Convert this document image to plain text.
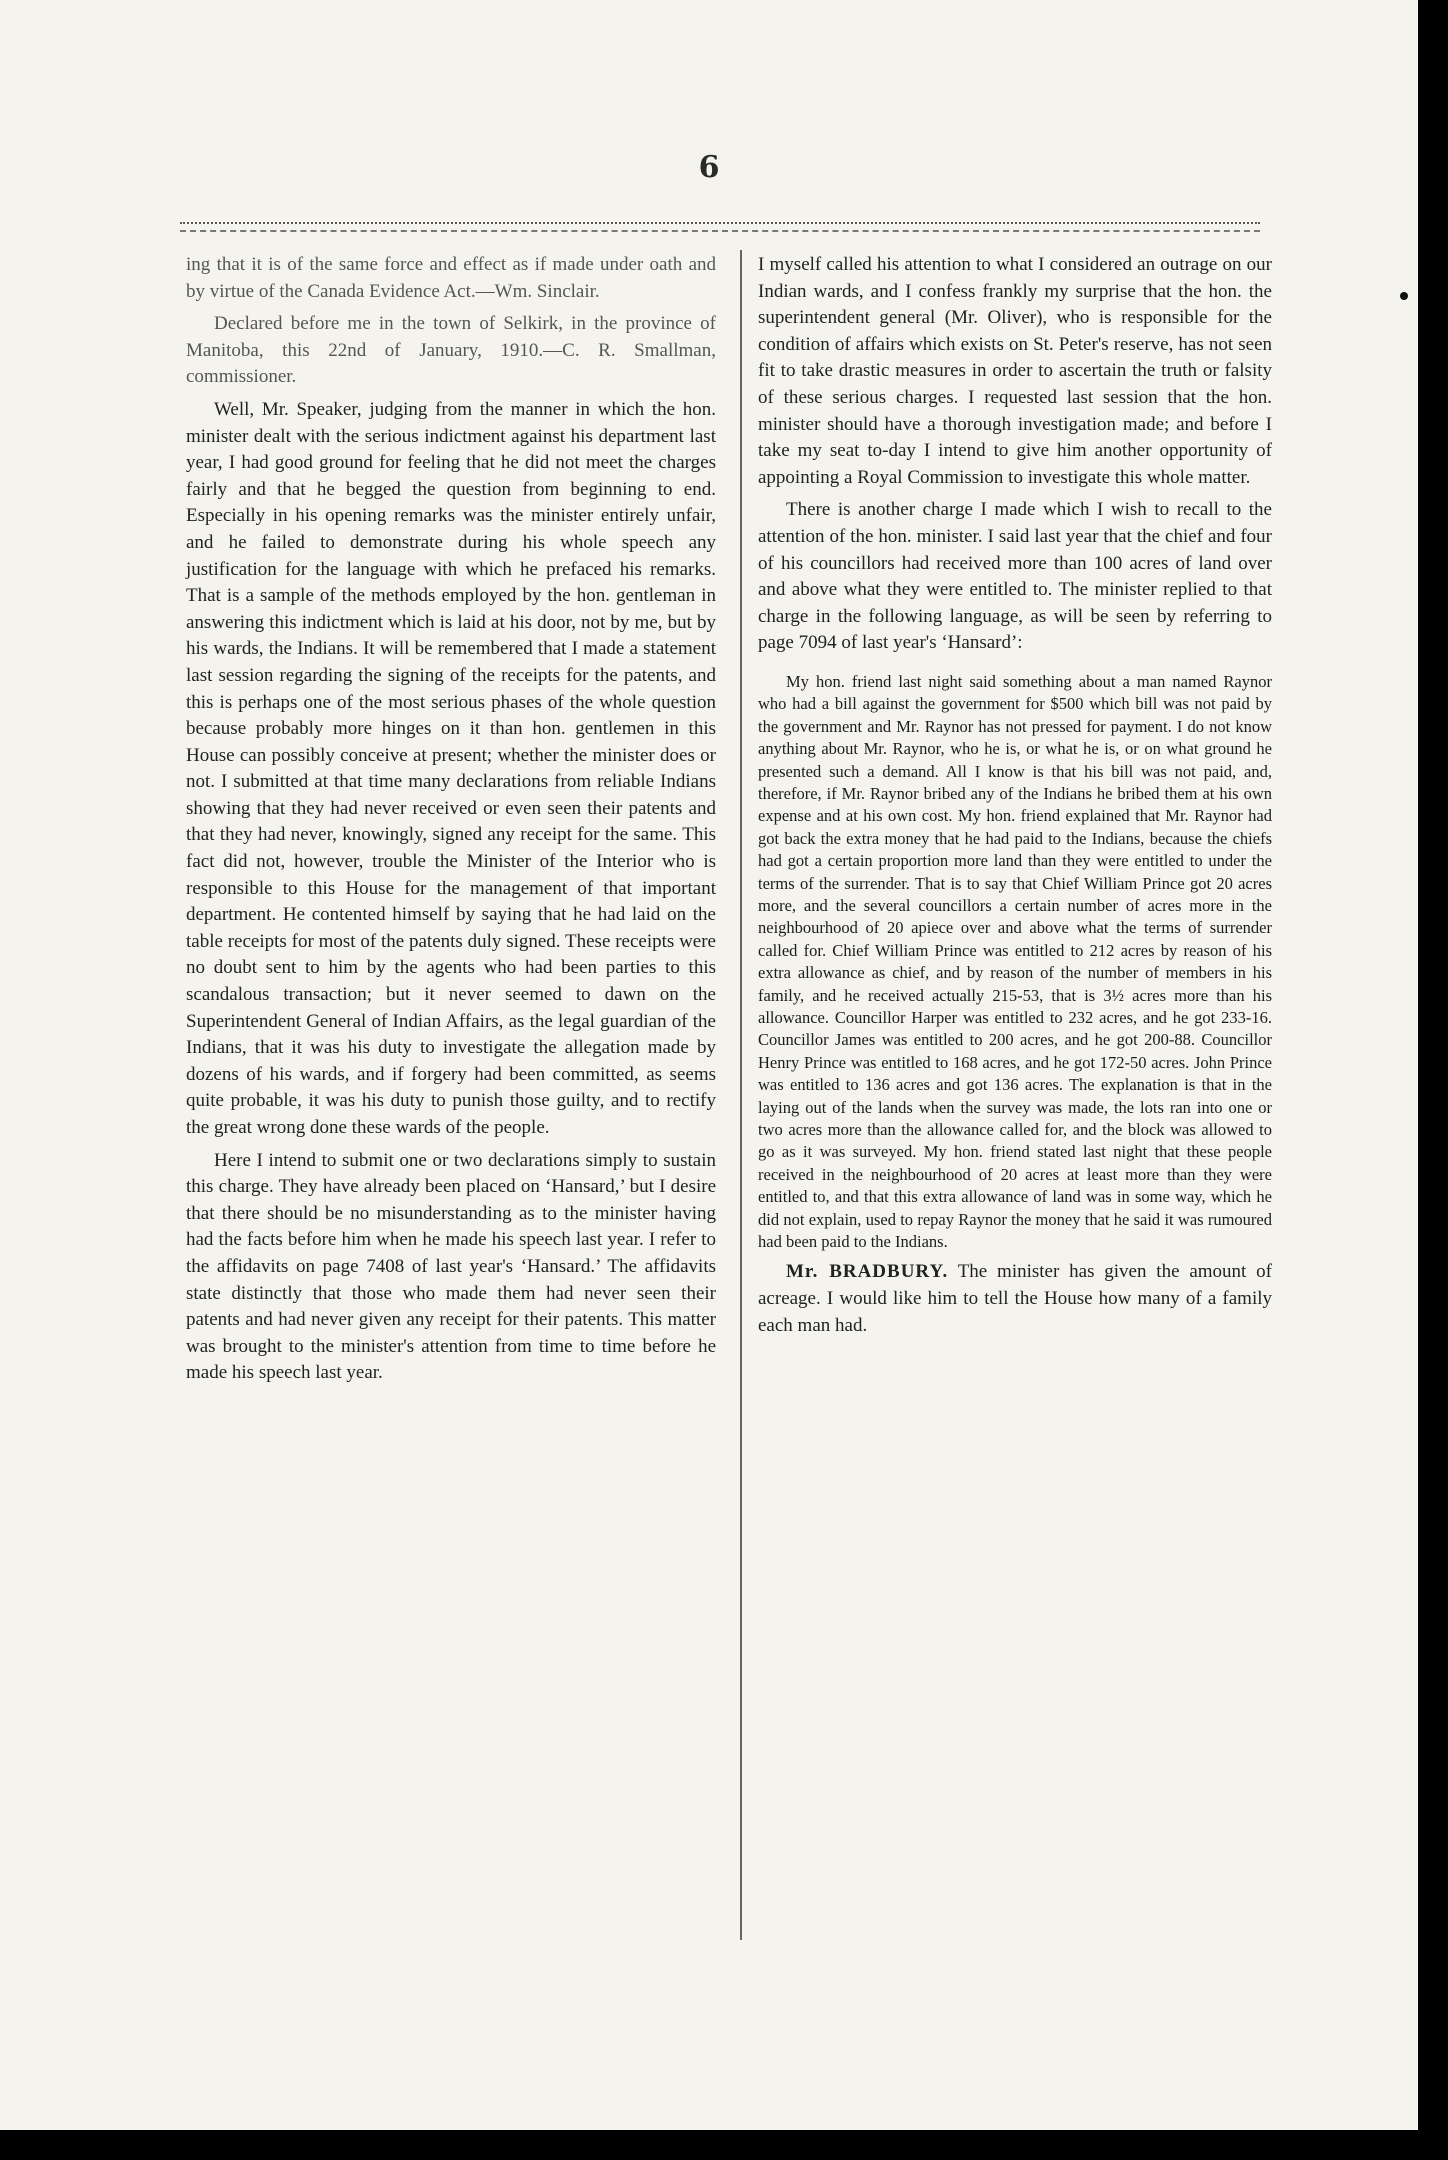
6

ing that it is of the same force and effect as if made under oath and by virtue of the Canada Evidence Act.—Wm. Sinclair.

Declared before me in the town of Selkirk, in the province of Manitoba, this 22nd of January, 1910.—C. R. Smallman, commissioner.

Well, Mr. Speaker, judging from the manner in which the hon. minister dealt with the serious indictment against his department last year, I had good ground for feeling that he did not meet the charges fairly and that he begged the question from beginning to end. Especially in his opening remarks was the minister entirely unfair, and he failed to demonstrate during his whole speech any justification for the language with which he prefaced his remarks. That is a sample of the methods employed by the hon. gentleman in answering this indictment which is laid at his door, not by me, but by his wards, the Indians. It will be remembered that I made a statement last session regarding the signing of the receipts for the patents, and this is perhaps one of the most serious phases of the whole question because probably more hinges on it than hon. gentlemen in this House can possibly conceive at present; whether the minister does or not. I submitted at that time many declarations from reliable Indians showing that they had never received or even seen their patents and that they had never, knowingly, signed any receipt for the same. This fact did not, however, trouble the Minister of the Interior who is responsible to this House for the management of that important department. He contented himself by saying that he had laid on the table receipts for most of the patents duly signed. These receipts were no doubt sent to him by the agents who had been parties to this scandalous transaction; but it never seemed to dawn on the Superintendent General of Indian Affairs, as the legal guardian of the Indians, that it was his duty to investigate the allegation made by dozens of his wards, and if forgery had been committed, as seems quite probable, it was his duty to punish those guilty, and to rectify the great wrong done these wards of the people.

Here I intend to submit one or two declarations simply to sustain this charge. They have already been placed on ‘Hansard,’ but I desire that there should be no misunderstanding as to the minister having had the facts before him when he made his speech last year. I refer to the affidavits on page 7408 of last year's ‘Hansard.’ The affidavits state distinctly that those who made them had never seen their patents and had never given any receipt for their patents. This matter was brought to the minister's attention from time to time before he made his speech last year.

I myself called his attention to what I considered an outrage on our Indian wards, and I confess frankly my surprise that the hon. the superintendent general (Mr. Oliver), who is responsible for the condition of affairs which exists on St. Peter's reserve, has not seen fit to take drastic measures in order to ascertain the truth or falsity of these serious charges. I requested last session that the hon. minister should have a thorough investigation made; and before I take my seat to-day I intend to give him another opportunity of appointing a Royal Commission to investigate this whole matter.

There is another charge I made which I wish to recall to the attention of the hon. minister. I said last year that the chief and four of his councillors had received more than 100 acres of land over and above what they were entitled to. The minister replied to that charge in the following language, as will be seen by referring to page 7094 of last year's ‘Hansard’:

My hon. friend last night said something about a man named Raynor who had a bill against the government for $500 which bill was not paid by the government and Mr. Raynor has not pressed for payment. I do not know anything about Mr. Raynor, who he is, or what he is, or on what ground he presented such a demand. All I know is that his bill was not paid, and, therefore, if Mr. Raynor bribed any of the Indians he bribed them at his own expense and at his own cost. My hon. friend explained that Mr. Raynor had got back the extra money that he had paid to the Indians, because the chiefs had got a certain proportion more land than they were entitled to under the terms of the surrender. That is to say that Chief William Prince got 20 acres more, and the several councillors a certain number of acres more in the neighbourhood of 20 apiece over and above what the terms of surrender called for. Chief William Prince was entitled to 212 acres by reason of his extra allowance as chief, and by reason of the number of members in his family, and he received actually 215-53, that is 3½ acres more than his allowance. Councillor Harper was entitled to 232 acres, and he got 233-16. Councillor James was entitled to 200 acres, and he got 200-88. Councillor Henry Prince was entitled to 168 acres, and he got 172-50 acres. John Prince was entitled to 136 acres and got 136 acres. The explanation is that in the laying out of the lands when the survey was made, the lots ran into one or two acres more than the allowance called for, and the block was allowed to go as it was surveyed. My hon. friend stated last night that these people received in the neighbourhood of 20 acres at least more than they were entitled to, and that this extra allowance of land was in some way, which he did not explain, used to repay Raynor the money that he said it was rumoured had been paid to the Indians.

Mr. BRADBURY. The minister has given the amount of acreage. I would like him to tell the House how many of a family each man had.
